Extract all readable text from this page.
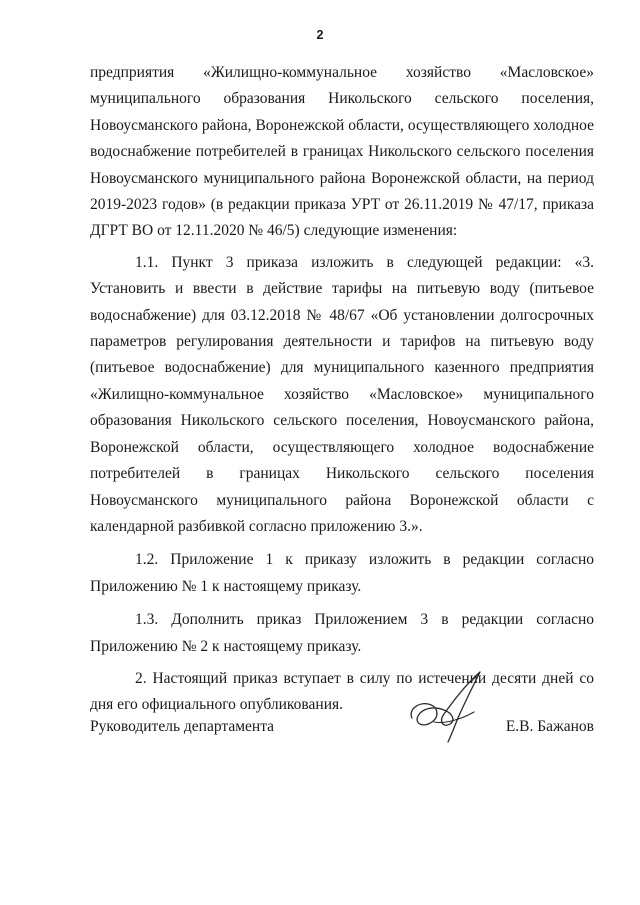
2

предприятия «Жилищно-коммунальное хозяйство «Масловское» муниципального образования Никольского сельского поселения, Новоусманского района, Воронежской области, осуществляющего холодное водоснабжение потребителей в границах Никольского сельского поселения Новоусманского муниципального района Воронежской области, на период 2019-2023 годов» (в редакции приказа УРТ от 26.11.2019 № 47/17, приказа ДГРТ ВО от 12.11.2020 № 46/5) следующие изменения:

1.1. Пункт 3 приказа изложить в следующей редакции: «3. Установить и ввести в действие тарифы на питьевую воду (питьевое водоснабжение) для 03.12.2018 № 48/67 «Об установлении долгосрочных параметров регулирования деятельности и тарифов на питьевую воду (питьевое водоснабжение) для муниципального казенного предприятия «Жилищно-коммунальное хозяйство «Масловское» муниципального образования Никольского сельского поселения, Новоусманского района, Воронежской области, осуществляющего холодное водоснабжение потребителей в границах Никольского сельского поселения Новоусманского муниципального района Воронежской области с календарной разбивкой согласно приложению 3.».

1.2. Приложение 1 к приказу изложить в редакции согласно Приложению № 1 к настоящему приказу.

1.3. Дополнить приказ Приложением 3 в редакции согласно Приложению № 2 к настоящему приказу.

2. Настоящий приказ вступает в силу по истечении десяти дней со дня его официального опубликования.

Руководитель департамента	Е.В. Бажанов
